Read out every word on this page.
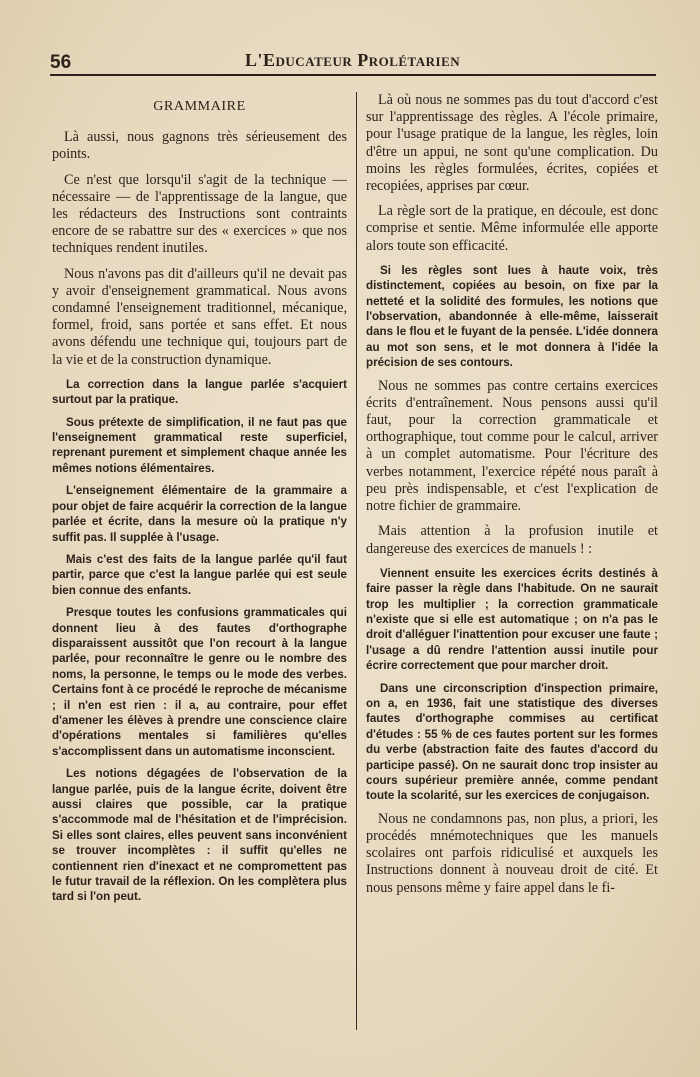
56	L'Educateur Prolétarien
GRAMMAIRE

Là aussi, nous gagnons très sérieusement des points.

Ce n'est que lorsqu'il s'agit de la technique — nécessaire — de l'apprentissage de la langue, que les rédacteurs des Instructions sont contraints encore de se rabattre sur des « exercices » que nos techniques rendent inutiles.

Nous n'avons pas dit d'ailleurs qu'il ne devait pas y avoir d'enseignement grammatical. Nous avons condamné l'enseignement traditionnel, mécanique, formel, froid, sans portée et sans effet. Et nous avons défendu une technique qui, toujours part de la vie et de la construction dynamique.

La correction dans la langue parlée s'acquiert surtout par la pratique.

Sous prétexte de simplification, il ne faut pas que l'enseignement grammatical reste superficiel, reprenant purement et simplement chaque année les mêmes notions élémentaires.

L'enseignement élémentaire de la grammaire a pour objet de faire acquérir la correction de la langue parlée et écrite, dans la mesure où la pratique n'y suffit pas. Il supplée à l'usage.

Mais c'est des faits de la langue parlée qu'il faut partir, parce que c'est la langue parlée qui est seule bien connue des enfants.

Presque toutes les confusions grammaticales qui donnent lieu à des fautes d'orthographe disparaissent aussitôt que l'on recourt à la langue parlée, pour reconnaître le genre ou le nombre des noms, la personne, le temps ou le mode des verbes. Certains font à ce procédé le reproche de mécanisme ; il n'en est rien : il a, au contraire, pour effet d'amener les élèves à prendre une conscience claire d'opérations mentales si familières qu'elles s'accomplissent dans un automatisme inconscient.

Les notions dégagées de l'observation de la langue parlée, puis de la langue écrite, doivent être aussi claires que possible, car la pratique s'accommode mal de l'hésitation et de l'imprécision. Si elles sont claires, elles peuvent sans inconvénient se trouver incomplètes : il suffit qu'elles ne contiennent rien d'inexact et ne compromettent pas le futur travail de la réflexion. On les complètera plus tard si l'on peut.

Là où nous ne sommes pas du tout d'accord c'est sur l'apprentissage des règles. A l'école primaire, pour l'usage pratique de la langue, les règles, loin d'être un appui, ne sont qu'une complication. Du moins les règles formulées, écrites, copiées et recopiées, apprises par cœur.

La règle sort de la pratique, en découle, est donc comprise et sentie. Même informulée elle apporte alors toute son efficacité.

Si les règles sont lues à haute voix, très distinctement, copiées au besoin, on fixe par la netteté et la solidité des formules, les notions que l'observation, abandonnée à elle-même, laisserait dans le flou et le fuyant de la pensée. L'idée donnera au mot son sens, et le mot donnera à l'idée la précision de ses contours.

Nous ne sommes pas contre certains exercices écrits d'entraînement. Nous pensons aussi qu'il faut, pour la correction grammaticale et orthographique, tout comme pour le calcul, arriver à un complet automatisme. Pour l'écriture des verbes notamment, l'exercice répété nous paraît à peu près indispensable, et c'est l'explication de notre fichier de grammaire.

Mais attention à la profusion inutile et dangereuse des exercices de manuels ! :

Viennent ensuite les exercices écrits destinés à faire passer la règle dans l'habitude. On ne saurait trop les multiplier ; la correction grammaticale n'existe que si elle est automatique ; on n'a pas le droit d'alléguer l'inattention pour excuser une faute ; l'usage a dû rendre l'attention aussi inutile pour écrire correctement que pour marcher droit.

Dans une circonscription d'inspection primaire, on a, en 1936, fait une statistique des diverses fautes d'orthographe commises au certificat d'études : 55 % de ces fautes portent sur les formes du verbe (abstraction faite des fautes d'accord du participe passé). On ne saurait donc trop insister au cours supérieur première année, comme pendant toute la scolarité, sur les exercices de conjugaison.

Nous ne condamnons pas, non plus, a priori, les procédés mnémotechniques que les manuels scolaires ont parfois ridiculisé et auxquels les Instructions donnent à nouveau droit de cité. Et nous pensons même y faire appel dans le fi-
